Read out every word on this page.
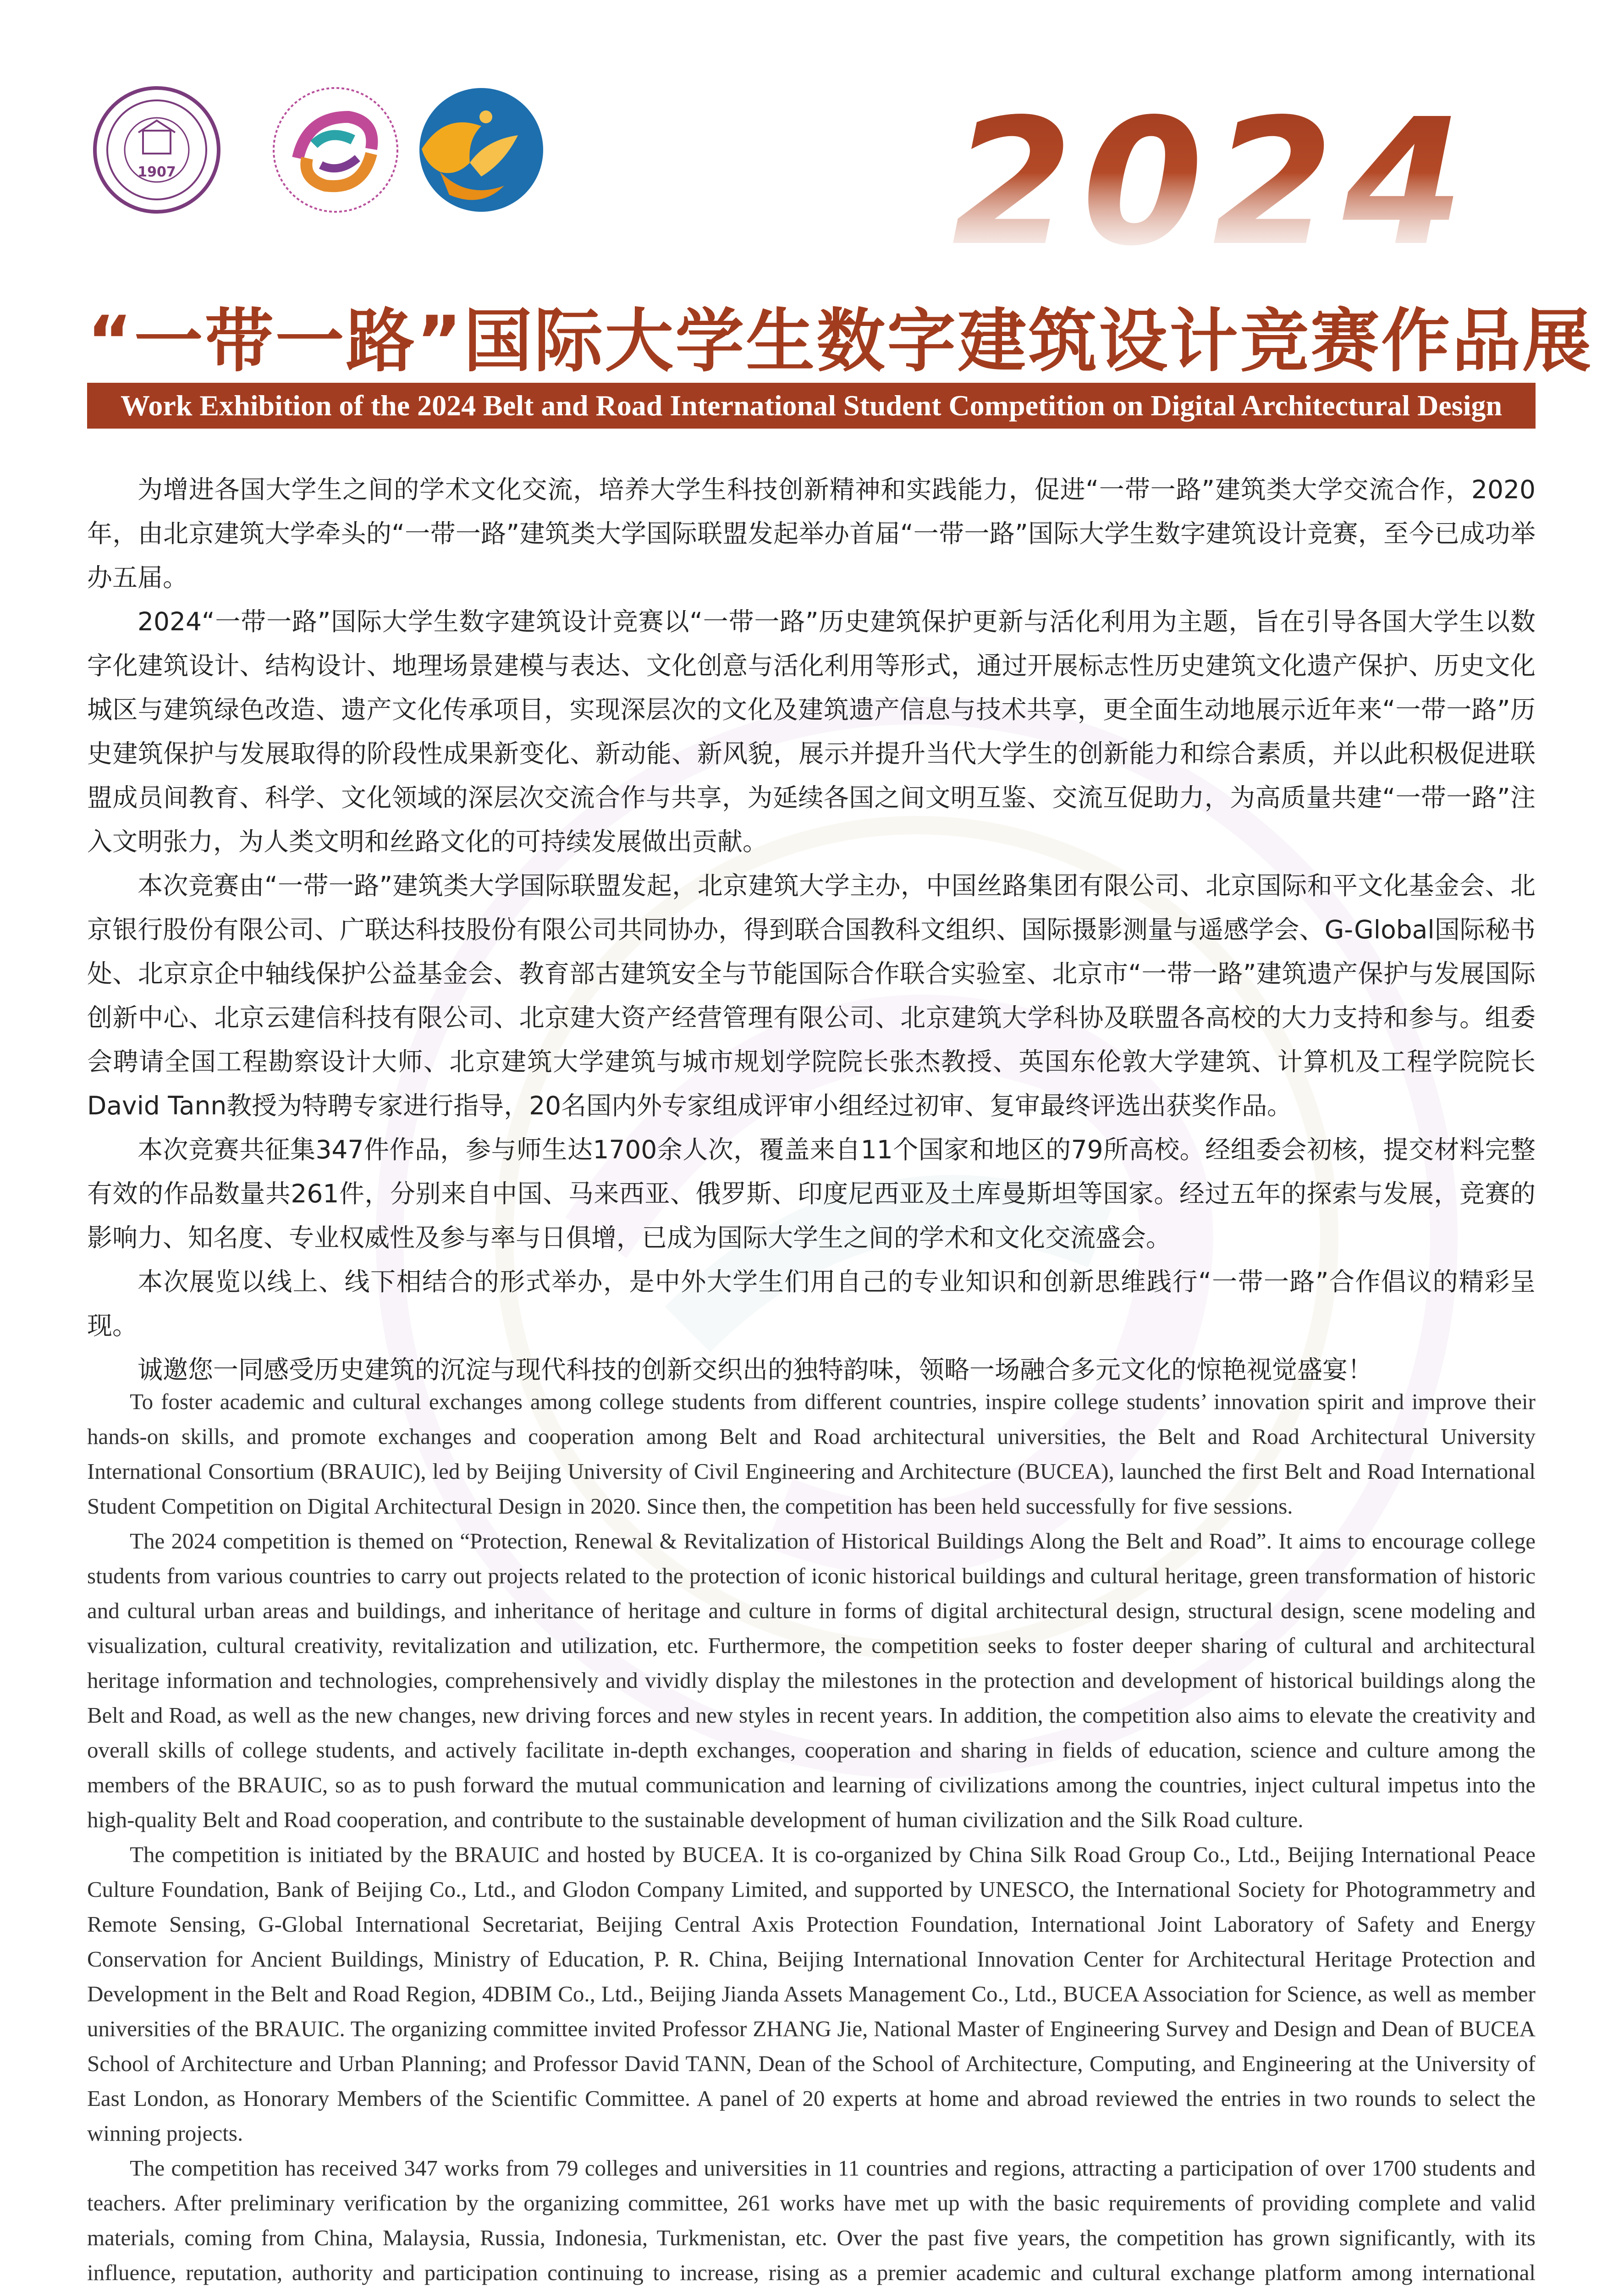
1907	2024
“一带一路”国际大学生数字建筑设计竞赛作品展
Work Exhibition of the 2024 Belt and Road International Student Competition on Digital Architectural Design

为增进各国大学生之间的学术文化交流，培养大学生科技创新精神和实践能力，促进“一带一路”建筑类大学交流合作，2020年，由北京建筑大学牵头的“一带一路”建筑类大学国际联盟发起举办首届“一带一路”国际大学生数字建筑设计竞赛，至今已成功举办五届。

2024“一带一路”国际大学生数字建筑设计竞赛以“一带一路”历史建筑保护更新与活化利用为主题，旨在引导各国大学生以数字化建筑设计、结构设计、地理场景建模与表达、文化创意与活化利用等形式，通过开展标志性历史建筑文化遗产保护、历史文化城区与建筑绿色改造、遗产文化传承项目，实现深层次的文化及建筑遗产信息与技术共享，更全面生动地展示近年来“一带一路”历史建筑保护与发展取得的阶段性成果新变化、新动能、新风貌，展示并提升当代大学生的创新能力和综合素质，并以此积极促进联盟成员间教育、科学、文化领域的深层次交流合作与共享，为延续各国之间文明互鉴、交流互促助力，为高质量共建“一带一路”注入文明张力，为人类文明和丝路文化的可持续发展做出贡献。

本次竞赛由“一带一路”建筑类大学国际联盟发起，北京建筑大学主办，中国丝路集团有限公司、北京国际和平文化基金会、北京银行股份有限公司、广联达科技股份有限公司共同协办，得到联合国教科文组织、国际摄影测量与遥感学会、G-Global国际秘书处、北京京企中轴线保护公益基金会、教育部古建筑安全与节能国际合作联合实验室、北京市“一带一路”建筑遗产保护与发展国际创新中心、北京云建信科技有限公司、北京建大资产经营管理有限公司、北京建筑大学科协及联盟各高校的大力支持和参与。组委会聘请全国工程勘察设计大师、北京建筑大学建筑与城市规划学院院长张杰教授、英国东伦敦大学建筑、计算机及工程学院院长David Tann教授为特聘专家进行指导，20名国内外专家组成评审小组经过初审、复审最终评选出获奖作品。

本次竞赛共征集347件作品，参与师生达1700余人次，覆盖来自11个国家和地区的79所高校。经组委会初核，提交材料完整有效的作品数量共261件，分别来自中国、马来西亚、俄罗斯、印度尼西亚及土库曼斯坦等国家。经过五年的探索与发展，竞赛的影响力、知名度、专业权威性及参与率与日俱增，已成为国际大学生之间的学术和文化交流盛会。

本次展览以线上、线下相结合的形式举办，是中外大学生们用自己的专业知识和创新思维践行“一带一路”合作倡议的精彩呈现。

诚邀您一同感受历史建筑的沉淀与现代科技的创新交织出的独特韵味，领略一场融合多元文化的惊艳视觉盛宴！

To foster academic and cultural exchanges among college students from different countries, inspire college students’ innovation spirit and improve their hands-on skills, and promote exchanges and cooperation among Belt and Road architectural universities, the Belt and Road Architectural University International Consortium (BRAUIC), led by Beijing University of Civil Engineering and Architecture (BUCEA), launched the first Belt and Road International Student Competition on Digital Architectural Design in 2020. Since then, the competition has been held successfully for five sessions.

The 2024 competition is themed on “Protection, Renewal & Revitalization of Historical Buildings Along the Belt and Road”. It aims to encourage college students from various countries to carry out projects related to the protection of iconic historical buildings and cultural heritage, green transformation of historic and cultural urban areas and buildings, and inheritance of heritage and culture in forms of digital architectural design, structural design, scene modeling and visualization, cultural creativity, revitalization and utilization, etc. Furthermore, the competition seeks to foster deeper sharing of cultural and architectural heritage information and technologies, comprehensively and vividly display the milestones in the protection and development of historical buildings along the Belt and Road, as well as the new changes, new driving forces and new styles in recent years. In addition, the competition also aims to elevate the creativity and overall skills of college students, and actively facilitate in-depth exchanges, cooperation and sharing in fields of education, science and culture among the members of the BRAUIC, so as to push forward the mutual communication and learning of civilizations among the countries, inject cultural impetus into the high-quality Belt and Road cooperation, and contribute to the sustainable development of human civilization and the Silk Road culture.

The competition is initiated by the BRAUIC and hosted by BUCEA. It is co-organized by China Silk Road Group Co., Ltd., Beijing International Peace Culture Foundation, Bank of Beijing Co., Ltd., and Glodon Company Limited, and supported by UNESCO, the International Society for Photogrammetry and Remote Sensing, G-Global International Secretariat, Beijing Central Axis Protection Foundation, International Joint Laboratory of Safety and Energy Conservation for Ancient Buildings, Ministry of Education, P. R. China, Beijing International Innovation Center for Architectural Heritage Protection and Development in the Belt and Road Region, 4DBIM Co., Ltd., Beijing Jianda Assets Management Co., Ltd., BUCEA Association for Science, as well as member universities of the BRAUIC. The organizing committee invited Professor ZHANG Jie, National Master of Engineering Survey and Design and Dean of BUCEA School of Architecture and Urban Planning; and Professor David TANN, Dean of the School of Architecture, Computing, and Engineering at the University of East London, as Honorary Members of the Scientific Committee. A panel of 20 experts at home and abroad reviewed the entries in two rounds to select the winning projects.

The competition has received 347 works from 79 colleges and universities in 11 countries and regions, attracting a participation of over 1700 students and teachers. After preliminary verification by the organizing committee, 261 works have met up with the basic requirements of providing complete and valid materials, coming from China, Malaysia, Russia, Indonesia, Turkmenistan, etc. Over the past five years, the competition has grown significantly, with its influence, reputation, authority and participation continuing to increase, rising as a premier academic and cultural exchange platform among international
